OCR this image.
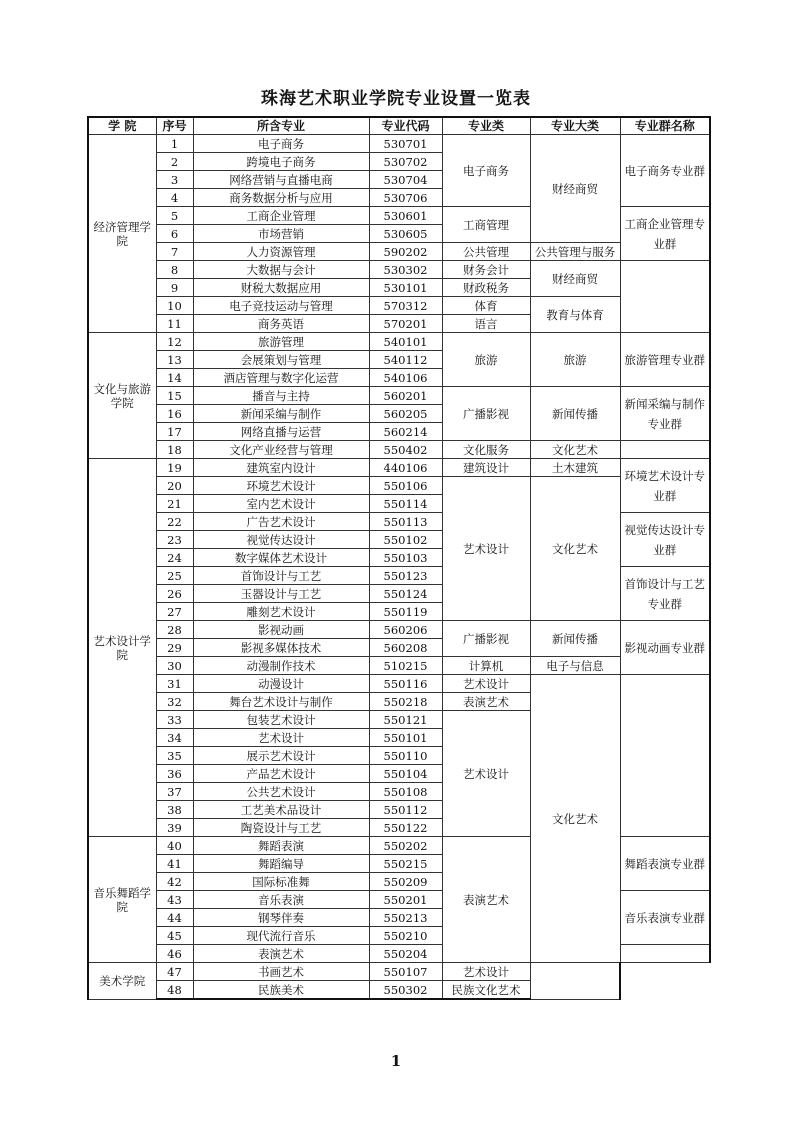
珠海艺术职业学院专业设置一览表
学 院	序号	所含专业	专业代码	专业类	专业大类	专业群名称
经济管理学院	1	电子商务	530701	电子商务	财经商贸	电子商务专业群
	2	跨境电子商务	530702			
	3	网络营销与直播电商	530704			
	4	商务数据分析与应用	530706			
	5	工商企业管理	530601	工商管理		工商企业管理专业群
	6	市场营销	530605			
	7	人力资源管理	590202	公共管理	公共管理与服务	
	8	大数据与会计	530302	财务会计	财经商贸	
	9	财税大数据应用	530101	财政税务		
	10	电子竞技运动与管理	570312	体育	教育与体育	
	11	商务英语	570201	语言		
文化与旅游学院	12	旅游管理	540101	旅游	旅游	旅游管理专业群
	13	会展策划与管理	540112			
	14	酒店管理与数字化运营	540106			
	15	播音与主持	560201	广播影视	新闻传播	新闻采编与制作专业群
	16	新闻采编与制作	560205			
	17	网络直播与运营	560214			
	18	文化产业经营与管理	550402	文化服务	文化艺术	
艺术设计学院	19	建筑室内设计	440106	建筑设计	土木建筑	环境艺术设计专业群
	20	环境艺术设计	550106	艺术设计	文化艺术	
	21	室内艺术设计	550114			
	22	广告艺术设计	550113			视觉传达设计专业群
	23	视觉传达设计	550102			
	24	数字媒体艺术设计	550103			
	25	首饰设计与工艺	550123			首饰设计与工艺专业群
	26	玉器设计与工艺	550124			
	27	雕刻艺术设计	550119			
	28	影视动画	560206	广播影视	新闻传播	影视动画专业群
	29	影视多媒体技术	560208			
	30	动漫制作技术	510215	计算机	电子与信息	
	31	动漫设计	550116	艺术设计	文化艺术	
	32	舞台艺术设计与制作	550218	表演艺术		
	33	包装艺术设计	550121	艺术设计		
	34	艺术设计	550101			
	35	展示艺术设计	550110			
	36	产品艺术设计	550104			
	37	公共艺术设计	550108			
	38	工艺美术品设计	550112			
	39	陶瓷设计与工艺	550122			
音乐舞蹈学院	40	舞蹈表演	550202	表演艺术		舞蹈表演专业群
	41	舞蹈编导	550215			
	42	国际标准舞	550209			
	43	音乐表演	550201			音乐表演专业群
	44	钢琴伴奏	550213			
	45	现代流行音乐	550210			
	46	表演艺术	550204			
美术学院	47	书画艺术	550107	艺术设计		
	48	民族美术	550302	民族文化艺术		
1
